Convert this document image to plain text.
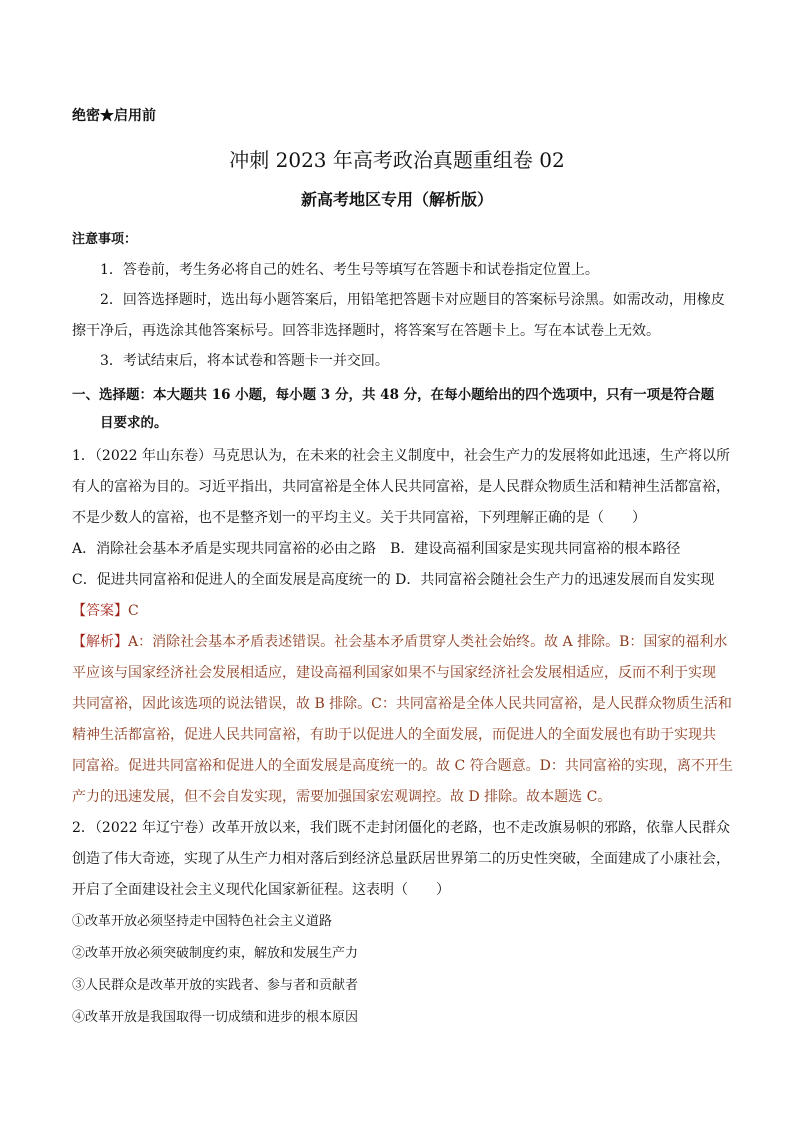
绝密★启用前
冲刺 2023 年高考政治真题重组卷 02
新高考地区专用（解析版）
注意事项：
1．答卷前，考生务必将自己的姓名、考生号等填写在答题卡和试卷指定位置上。
2．回答选择题时，选出每小题答案后，用铅笔把答题卡对应题目的答案标号涂黑。如需改动，用橡皮
擦干净后，再选涂其他答案标号。回答非选择题时，将答案写在答题卡上。写在本试卷上无效。
3．考试结束后，将本试卷和答题卡一并交回。
一、选择题：本大题共 16 小题，每小题 3 分，共 48 分，在每小题给出的四个选项中，只有一项是符合题
目要求的。
1．（2022 年山东卷）马克思认为，在未来的社会主义制度中，社会生产力的发展将如此迅速，生产将以所
有人的富裕为目的。习近平指出，共同富裕是全体人民共同富裕，是人民群众物质生活和精神生活都富裕，
不是少数人的富裕，也不是整齐划一的平均主义。关于共同富裕，下列理解正确的是（　　）
A．消除社会基本矛盾是实现共同富裕的必由之路　B．建设高福利国家是实现共同富裕的根本路径
C．促进共同富裕和促进人的全面发展是高度统一的 D．共同富裕会随社会生产力的迅速发展而自发实现
【答案】C
【解析】A：消除社会基本矛盾表述错误。社会基本矛盾贯穿人类社会始终。故 A 排除。B：国家的福利水
平应该与国家经济社会发展相适应，建设高福利国家如果不与国家经济社会发展相适应，反而不利于实现
共同富裕，因此该选项的说法错误，故 B 排除。C：共同富裕是全体人民共同富裕，是人民群众物质生活和
精神生活都富裕，促进人民共同富裕，有助于以促进人的全面发展，而促进人的全面发展也有助于实现共
同富裕。促进共同富裕和促进人的全面发展是高度统一的。故 C 符合题意。D：共同富裕的实现，离不开生
产力的迅速发展，但不会自发实现，需要加强国家宏观调控。故 D 排除。故本题选 C。
2．（2022 年辽宁卷）改革开放以来，我们既不走封闭僵化的老路，也不走改旗易帜的邪路，依靠人民群众
创造了伟大奇迹，实现了从生产力相对落后到经济总量跃居世界第二的历史性突破，全面建成了小康社会，
开启了全面建设社会主义现代化国家新征程。这表明（　　）
①改革开放必须坚持走中国特色社会主义道路
②改革开放必须突破制度约束，解放和发展生产力
③人民群众是改革开放的实践者、参与者和贡献者
④改革开放是我国取得一切成绩和进步的根本原因
